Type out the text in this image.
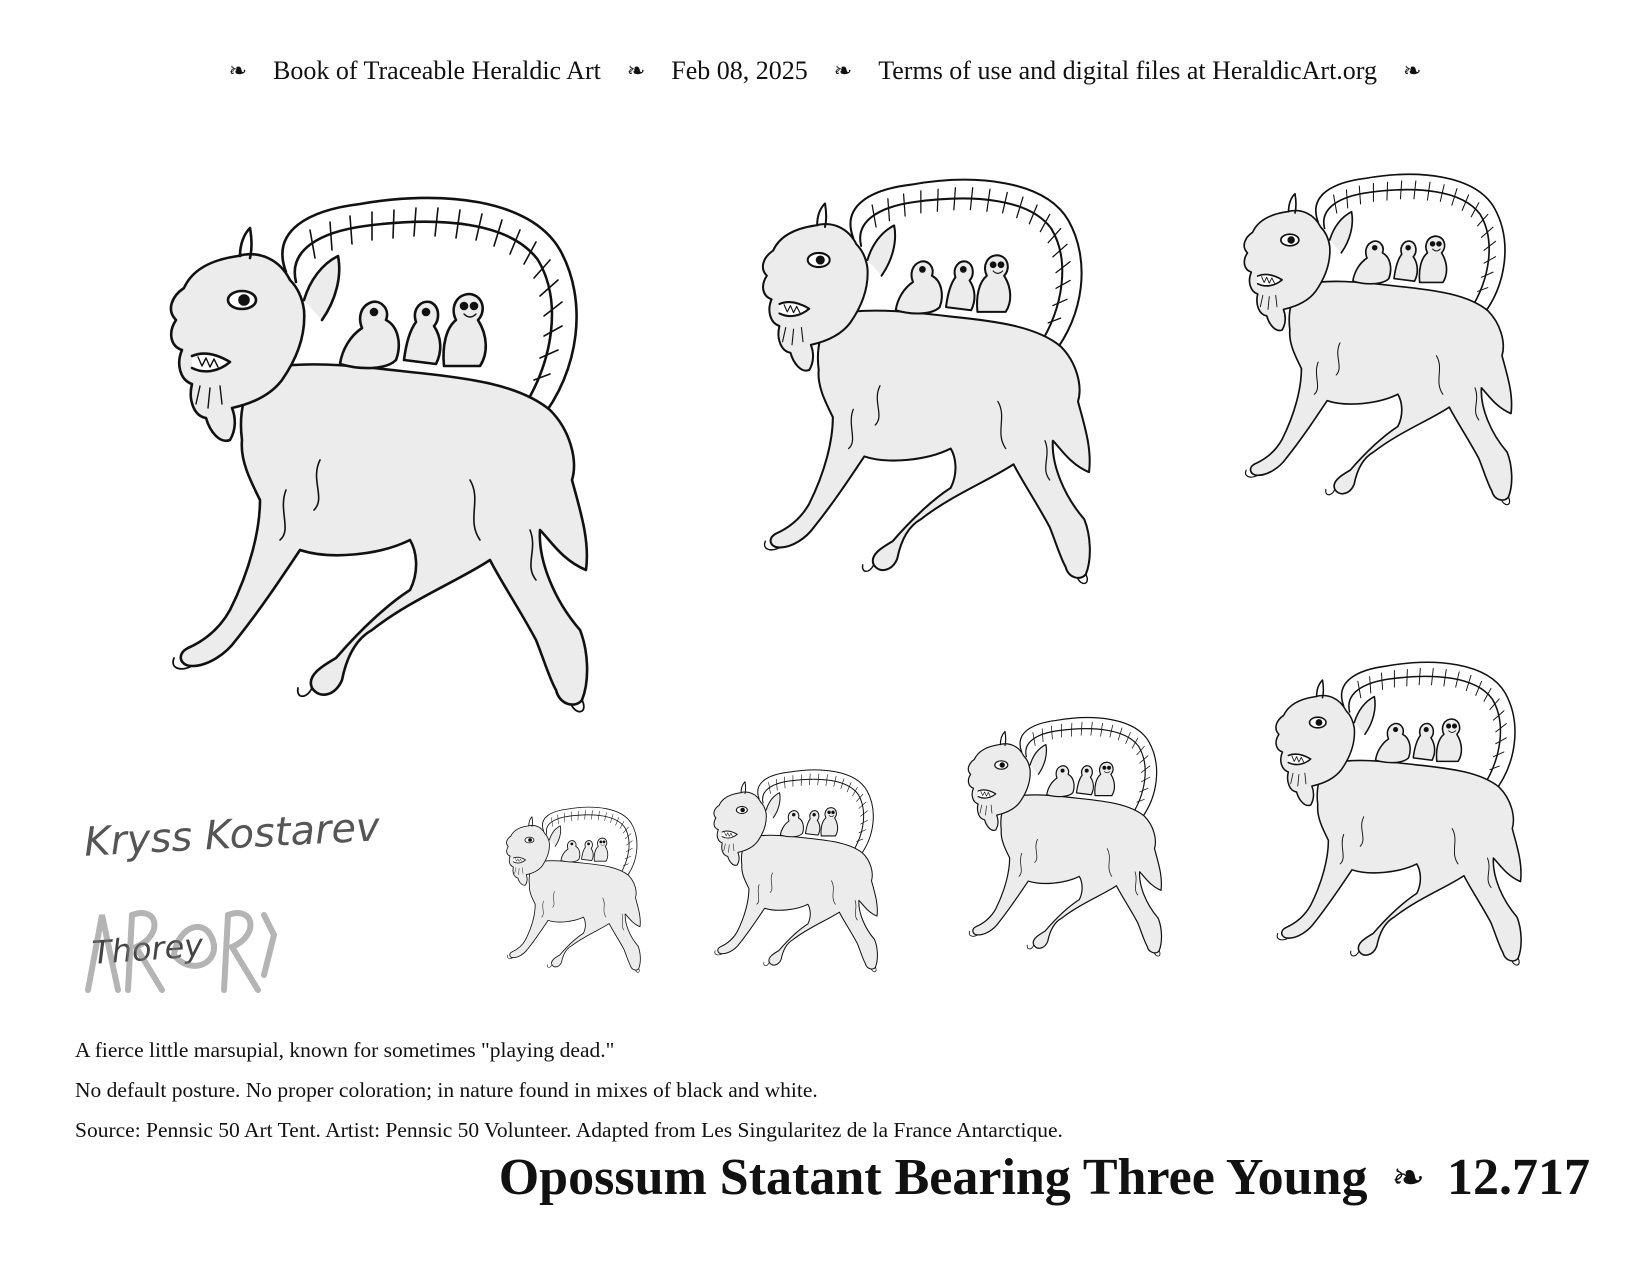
❧ Book of Traceable Heraldic Art ❧ Feb 08, 2025 ❧ Terms of use and digital files at HeraldicArt.org ❧
Kryss Kostarev
Thorey
A fierce little marsupial, known for sometimes "playing dead."
No default posture. No proper coloration; in nature found in mixes of black and white.
Source: Pennsic 50 Art Tent. Artist: Pennsic 50 Volunteer. Adapted from Les Singularitez de la France Antarctique.
Opossum Statant Bearing Three Young ❧ 12.717
